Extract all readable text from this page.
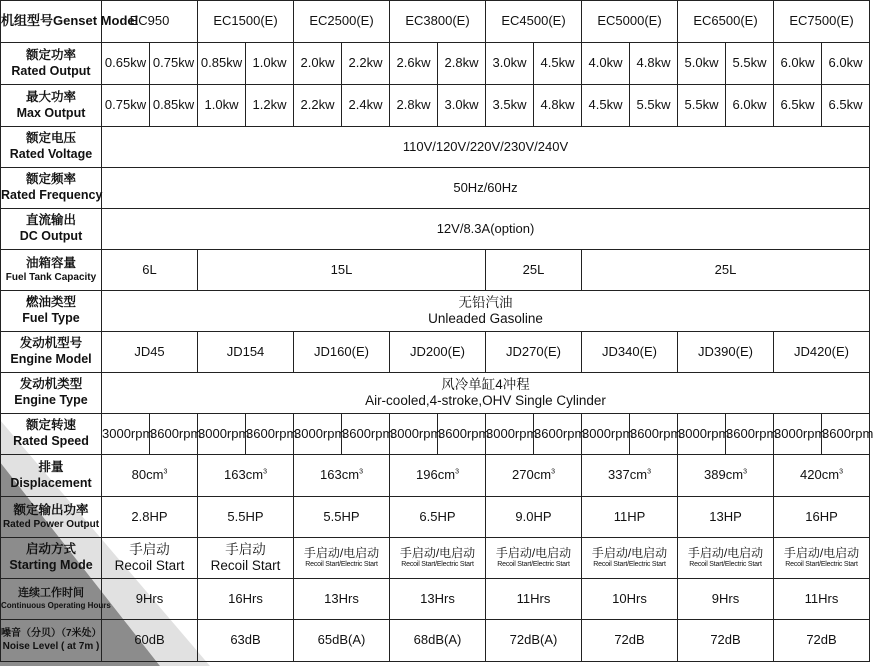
机组型号Genset Model	EC950		EC1500(E)		EC2500(E)		EC3800(E)		EC4500(E)		EC5000(E)		EC6500(E)		EC7500(E)	

额定功率
Rated Output	0.65kw	0.75kw	0.85kw	1.0kw	2.0kw	2.2kw	2.6kw	2.8kw	3.0kw	4.5kw	4.0kw	4.8kw	5.0kw	5.5kw	6.0kw	6.0kw

最大功率
Max Output	0.75kw	0.85kw	1.0kw	1.2kw	2.2kw	2.4kw	2.8kw	3.0kw	3.5kw	4.8kw	4.5kw	5.5kw	5.5kw	6.0kw	6.5kw	6.5kw

额定电压
Rated Voltage	110V/120V/220V/230V/240V															

额定频率
Rated Frequency	50Hz/60Hz															

直流输出
DC Output	12V/8.3A(option)															

油箱容量
Fuel Tank Capacity	6L		15L						25L		25L					

燃油类型
Fuel Type	无铅汽油
Unleaded Gasoline															

发动机型号
Engine Model	JD45		JD154		JD160(E)		JD200(E)		JD270(E)		JD340(E)		JD390(E)		JD420(E)	

发动机类型
Engine Type	风冷单缸4冲程
Air-cooled,4-stroke,OHV Single Cylinder															

额定转速
Rated Speed	3000rpm	3600rpm	3000rpm	3600rpm	3000rpm	3600rpm	3000rpm	3600rpm	3000rpm	3600rpm	3000rpm	3600rpm	3000rpm	3600rpm	3000rpm	3600rpm

排量
Displacement	$80cm^3$		$163cm^3$		$163cm^3$		$196cm^3$		$270cm^3$		$337cm^3$		$389cm^3$		$420cm^3$

额定输出功率
Rated Power Output	2.8HP		5.5HP		5.5HP		6.5HP		9.0HP		11HP		13HP		16HP	

启动方式
Starting Mode	手启动
Recoil Start		手启动
Recoil Start		手启动/电启动
Recoil Start/Electric Start		手启动/电启动
Recoil Start/Electric Start		手启动/电启动
Recoil Start/Electric Start		手启动/电启动
Recoil Start/Electric Start		手启动/电启动
Recoil Start/Electric Start		手启动/电启动
Recoil Start/Electric Start	

连续工作时间
Continuous Operating Hours	9Hrs		16Hrs		13Hrs		13Hrs		11Hrs		10Hrs		9Hrs		11Hrs	

噪音（分贝）（7米处）
Noise Level ( at 7m )	60dB		63dB		65dB(A)		68dB(A)		72dB(A)		72dB		72dB		72dB	
